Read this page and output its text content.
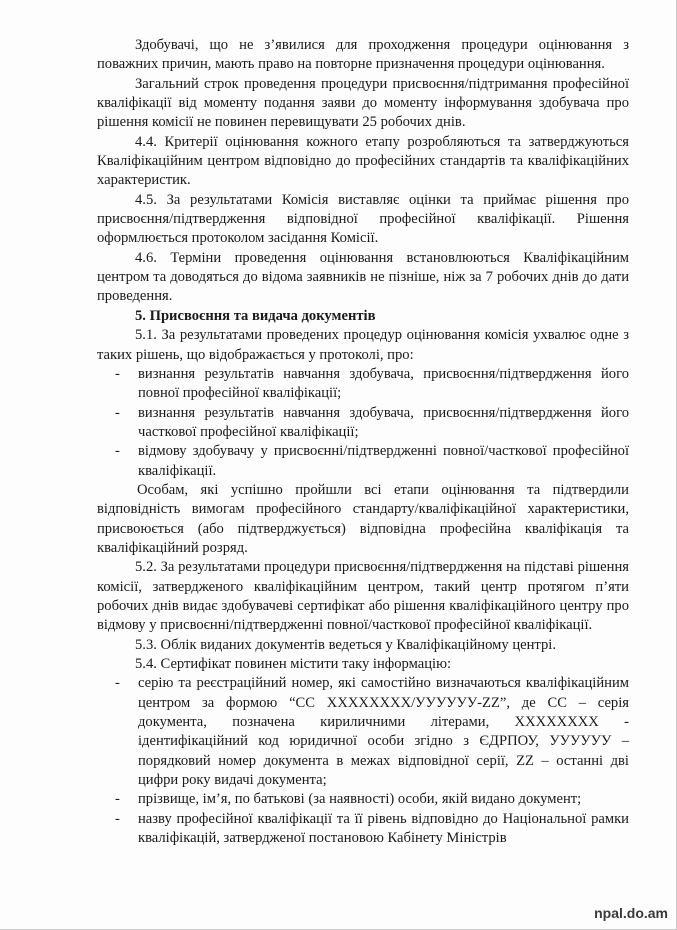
Здобувачі, що не з’явилися для проходження процедури оцінювання з поважних причин, мають право на повторне призначення процедури оцінювання.

Загальний строк проведення процедури присвоєння/підтримання професійної кваліфікації від моменту подання заяви до моменту інформування здобувача про рішення комісії не повинен перевищувати 25 робочих днів.

4.4. Критерії оцінювання кожного етапу розробляються та затверджуються Кваліфікаційним центром відповідно до професійних стандартів та кваліфікаційних характеристик.

4.5. За результатами Комісія виставляє оцінки та приймає рішення про присвоєння/підтвердження відповідної професійної кваліфікації. Рішення оформлюється протоколом засідання Комісії.

4.6. Терміни проведення оцінювання встановлюються Кваліфікаційним центром та доводяться до відома заявників не пізніше, ніж за 7 робочих днів до дати проведення.

5. Присвоєння та видача документів

5.1. За результатами проведених процедур оцінювання комісія ухвалює одне з таких рішень, що відображається у протоколі, про:

- визнання результатів навчання здобувача, присвоєння/підтвердження його повної професійної кваліфікації;
- визнання результатів навчання здобувача, присвоєння/підтвердження його часткової професійної кваліфікації;
- відмову здобувачу у присвоєнні/підтвердженні повної/часткової професійної кваліфікації.

Особам, які успішно пройшли всі етапи оцінювання та підтвердили відповідність вимогам професійного стандарту/кваліфікаційної характеристики, присвоюється (або підтверджується) відповідна професійна кваліфікація та кваліфікаційний розряд.

5.2. За результатами процедури присвоєння/підтвердження на підставі рішення комісії, затвердженого кваліфікаційним центром, такий центр протягом п’яти робочих днів видає здобувачеві сертифікат або рішення кваліфікаційного центру про відмову у присвоєнні/підтвердженні повної/часткової професійної кваліфікації.

5.3. Облік виданих документів ведеться у Кваліфікаційному центрі.

5.4. Сертифікат повинен містити таку інформацію:

- серію та реєстраційний номер, які самостійно визначаються кваліфікаційним центром за формою “СС ХХХХХХХХ/УУУУУУ-ZZ”, де СС – серія документа, позначена кириличними літерами, ХХХХХХХХ - ідентифікаційний код юридичної особи згідно з ЄДРПОУ, УУУУУУ – порядковий номер документа в межах відповідної серії, ZZ – останні дві цифри року видачі документа;
- прізвище, ім’я, по батькові (за наявності) особи, якій видано документ;
- назву професійної кваліфікації та її рівень відповідно до Національної рамки кваліфікацій, затвердженої постановою Кабінету Міністрів
npal.do.am
